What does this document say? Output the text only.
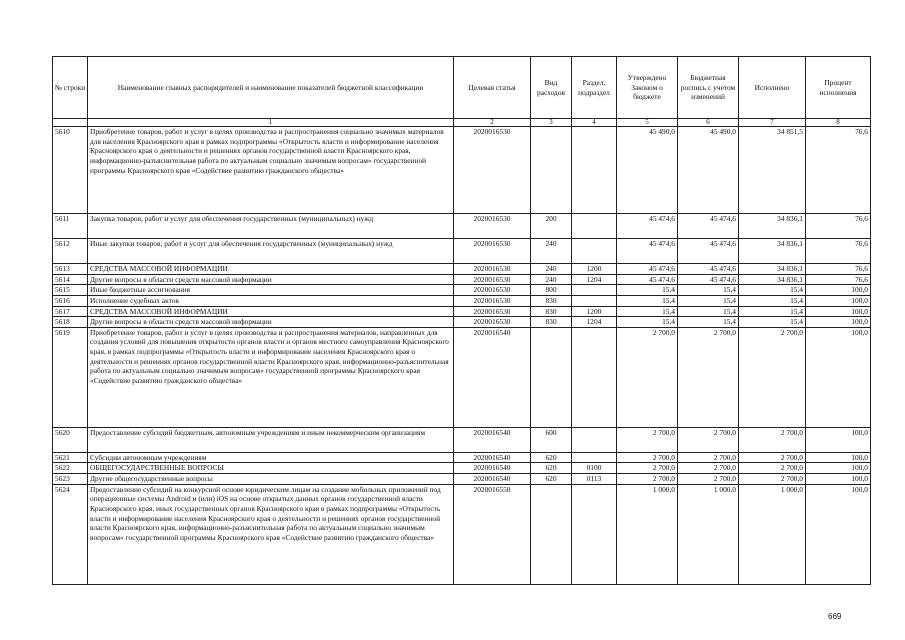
№ строки	Наименование главных распорядителей и наименование показателей бюджетной классификации	Целевая статья	Вид расходов	Раздел, подраздел	Утверждено Законом о бюджете	Бюджетная роспись с учетом изменений	Исполнено	Процент исполнения
	1	2	3	4	5	6	7	8
5610	Приобретение товаров, работ и услуг в целях производства и распространения социально значимых материалов для населения Красноярского края в рамках подпрограммы «Открытость власти и информирование населения Красноярского края о деятельности и решениях органов государственной власти Красноярского края, информационно-разъяснительная работа по актуальным социально значимым вопросам» государственной программы Красноярского края «Содействие развитию гражданского общества»	2020016530			45 490,0	45 490,0	34 851,5	76,6
5611	Закупка товаров, работ и услуг для обеспечения государственных (муниципальных) нужд	2020016530	200		45 474,6	45 474,6	34 836,1	76,6
5612	Иные закупки товаров, работ и услуг для обеспечения государственных (муниципальных) нужд	2020016530	240		45 474,6	45 474,6	34 836,1	76,6
5613	СРЕДСТВА МАССОВОЙ ИНФОРМАЦИИ	2020016530	240	1200	45 474,6	45 474,6	34 836,1	76,6
5614	Другие вопросы в области средств массовой информации	2020016530	240	1204	45 474,6	45 474,6	34 836,1	76,6
5615	Иные бюджетные ассигнования	2020016530	800		15,4	15,4	15,4	100,0
5616	Исполнение судебных актов	2020016530	830		15,4	15,4	15,4	100,0
5617	СРЕДСТВА МАССОВОЙ ИНФОРМАЦИИ	2020016530	830	1200	15,4	15,4	15,4	100,0
5618	Другие вопросы в области средств массовой информации	2020016530	830	1204	15,4	15,4	15,4	100,0
5619	Приобретение товаров, работ и услуг в целях производства и распространения материалов, направленных для создания условий для повышения открытости органов власти и органов местного самоуправления Красноярского края, в рамках подпрограммы «Открытость власти и информирование населения Красноярского края о деятельности и решениях органов государственной власти Красноярского края, информационно-разъяснительная работа по актуальным социально значимым вопросам» государственной программы Красноярского края «Содействие развитию гражданского общества»	2020016540			2 700,0	2 700,0	2 700,0	100,0
5620	Предоставление субсидий бюджетным, автономным учреждениям и иным некоммерческим организациям	2020016540	600		2 700,0	2 700,0	2 700,0	100,0
5621	Субсидии автономным учреждениям	2020016540	620		2 700,0	2 700,0	2 700,0	100,0
5622	ОБЩЕГОСУДАРСТВЕННЫЕ ВОПРОСЫ	2020016540	620	0100	2 700,0	2 700,0	2 700,0	100,0
5623	Другие общегосударственные вопросы	2020016540	620	0113	2 700,0	2 700,0	2 700,0	100,0
5624	Предоставление субсидий на конкурсной основе юридическим лицам на создание мобильных приложений под операционные системы Android и (или) iOS на основе открытых данных органов государственной власти Красноярского края, иных государственных органов Красноярского края в рамках подпрограммы «Открытость власти и информирование населения Красноярского края о деятельности и решениях органов государственной власти Красноярского края, информационно-разъяснительная работа по актуальным социально значимым вопросам» государственной программы Красноярского края «Содействие развитию гражданского общества»	2020016550			1 000,0	1 000,0	1 000,0	100,0
669
